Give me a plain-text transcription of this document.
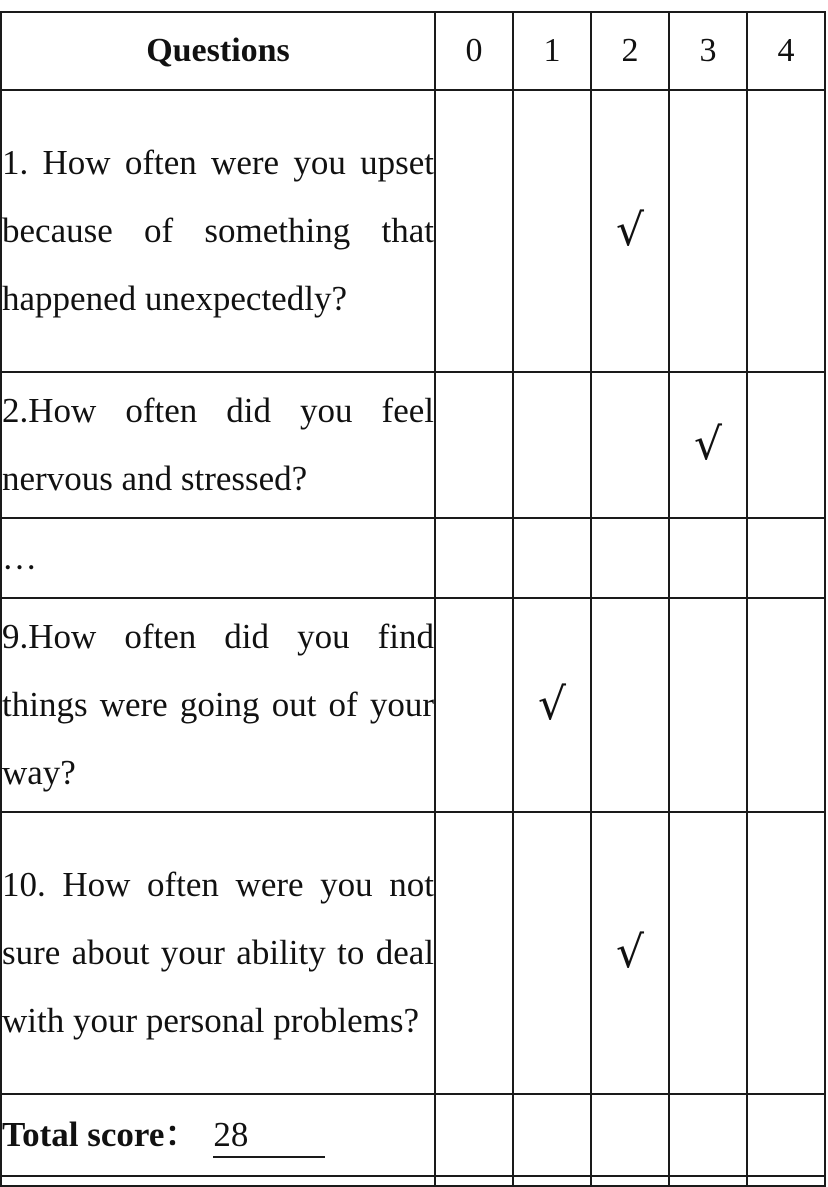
Questions	0	1	2	3	4
1. How often were you upset because of something that happened unexpectedly?			√		
2.How often did you feel nervous and stressed?				√	
…					
9.How often did you find things were going out of your way?		√			
10. How often were you not sure about your ability to deal with your personal problems?			√		
Total score： 28					
